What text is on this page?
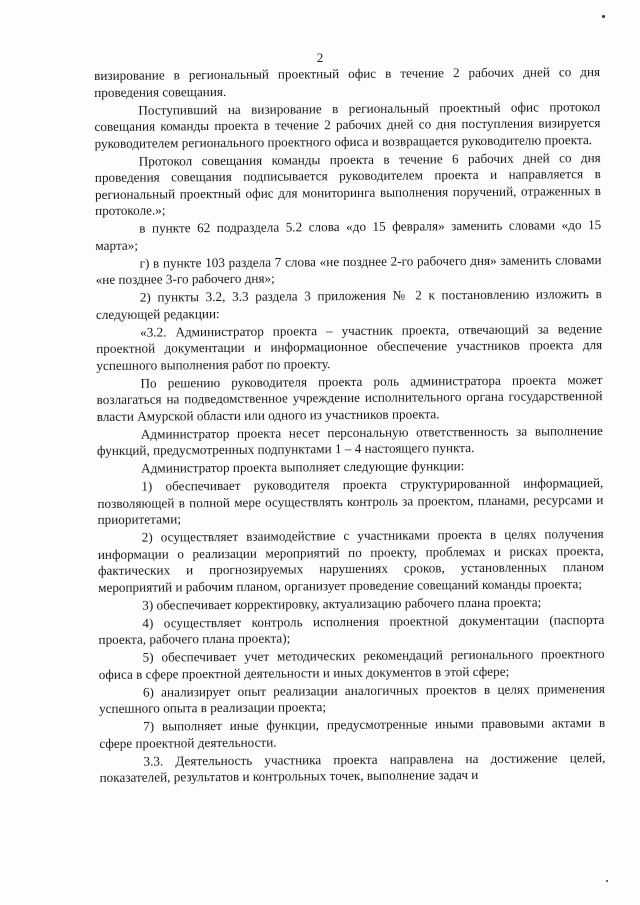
2

визирование в региональный проектный офис в течение 2 рабочих дней со дня проведения совещания.

Поступивший на визирование в региональный проектный офис протокол совещания команды проекта в течение 2 рабочих дней со дня поступления визируется руководителем регионального проектного офиса и возвращается руководителю проекта.

Протокол совещания команды проекта в течение 6 рабочих дней со дня проведения совещания подписывается руководителем проекта и направляется в региональный проектный офис для мониторинга выполнения поручений, отраженных в протоколе.»;

в пункте 62 подраздела 5.2 слова «до 15 февраля» заменить словами «до 15 марта»;

г) в пункте 103 раздела 7 слова «не позднее 2-го рабочего дня» заменить словами «не позднее 3-го рабочего дня»;

2) пункты 3.2, 3.3 раздела 3 приложения № 2 к постановлению изложить в следующей редакции:

«3.2. Администратор проекта – участник проекта, отвечающий за ведение проектной документации и информационное обеспечение участников проекта для успешного выполнения работ по проекту.

По решению руководителя проекта роль администратора проекта может возлагаться на подведомственное учреждение исполнительного органа государственной власти Амурской области или одного из участников проекта.

Администратор проекта несет персональную ответственность за выполнение функций, предусмотренных подпунктами 1 – 4 настоящего пункта.

Администратор проекта выполняет следующие функции:

1) обеспечивает руководителя проекта структурированной информацией, позволяющей в полной мере осуществлять контроль за проектом, планами, ресурсами и приоритетами;

2) осуществляет взаимодействие с участниками проекта в целях получения информации о реализации мероприятий по проекту, проблемах и рисках проекта, фактических и прогнозируемых нарушениях сроков, установленных планом мероприятий и рабочим планом, организует проведение совещаний команды проекта;

3) обеспечивает корректировку, актуализацию рабочего плана проекта;

4) осуществляет контроль исполнения проектной документации (паспорта проекта, рабочего плана проекта);

5) обеспечивает учет методических рекомендаций регионального проектного офиса в сфере проектной деятельности и иных документов в этой сфере;

6) анализирует опыт реализации аналогичных проектов в целях применения успешного опыта в реализации проекта;

7) выполняет иные функции, предусмотренные иными правовыми актами в сфере проектной деятельности.

3.3. Деятельность участника проекта направлена на достижение целей, показателей, результатов и контрольных точек, выполнение задач и
